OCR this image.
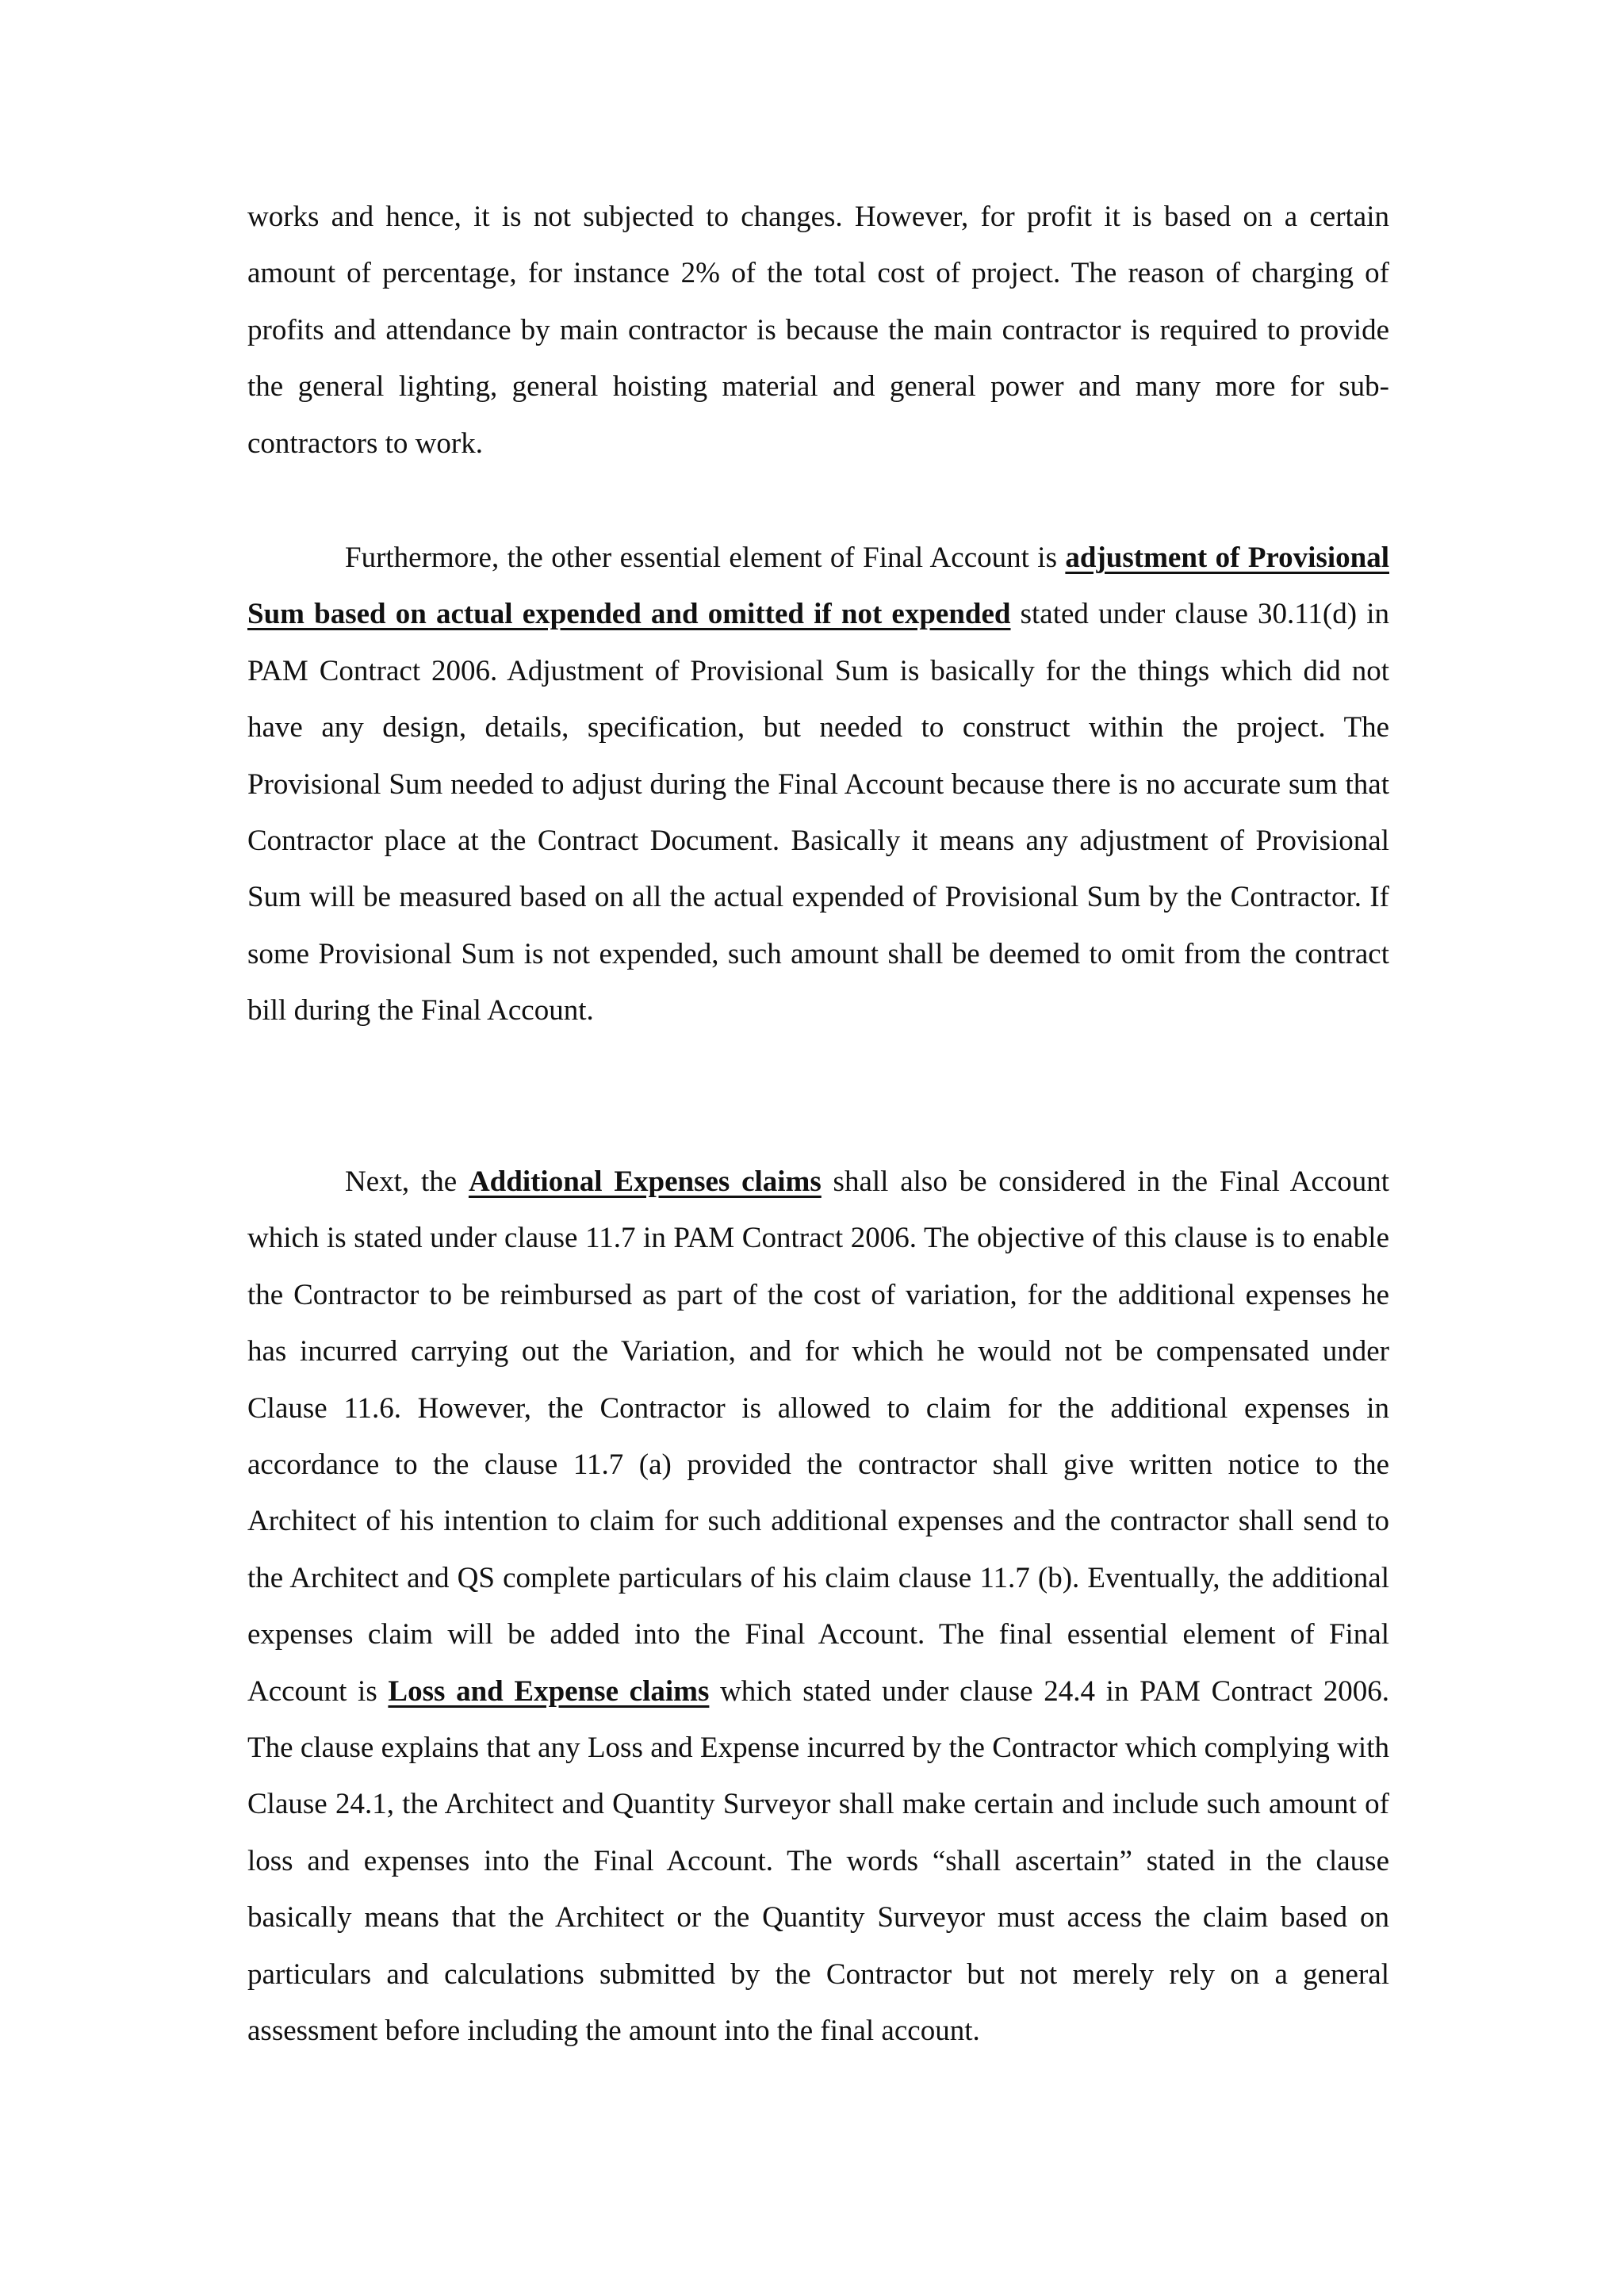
works and hence, it is not subjected to changes. However, for profit it is based on a certain amount of percentage, for instance 2% of the total cost of project. The reason of charging of profits and attendance by main contractor is because the main contractor is required to provide the general lighting, general hoisting material and general power and many more for sub-contractors to work.

Furthermore, the other essential element of Final Account is adjustment of Provisional Sum based on actual expended and omitted if not expended stated under clause 30.11(d) in PAM Contract 2006. Adjustment of Provisional Sum is basically for the things which did not have any design, details, specification, but needed to construct within the project. The Provisional Sum needed to adjust during the Final Account because there is no accurate sum that Contractor place at the Contract Document. Basically it means any adjustment of Provisional Sum will be measured based on all the actual expended of Provisional Sum by the Contractor. If some Provisional Sum is not expended, such amount shall be deemed to omit from the contract bill during the Final Account.

Next, the Additional Expenses claims shall also be considered in the Final Account which is stated under clause 11.7 in PAM Contract 2006. The objective of this clause is to enable the Contractor to be reimbursed as part of the cost of variation, for the additional expenses he has incurred carrying out the Variation, and for which he would not be compensated under Clause 11.6. However, the Contractor is allowed to claim for the additional expenses in accordance to the clause 11.7 (a) provided the contractor shall give written notice to the Architect of his intention to claim for such additional expenses and the contractor shall send to the Architect and QS complete particulars of his claim clause 11.7 (b). Eventually, the additional expenses claim will be added into the Final Account. The final essential element of Final Account is Loss and Expense claims which stated under clause 24.4 in PAM Contract 2006. The clause explains that any Loss and Expense incurred by the Contractor which complying with Clause 24.1, the Architect and Quantity Surveyor shall make certain and include such amount of loss and expenses into the Final Account. The words “shall ascertain” stated in the clause basically means that the Architect or the Quantity Surveyor must access the claim based on particulars and calculations submitted by the Contractor but not merely rely on a general assessment before including the amount into the final account.
